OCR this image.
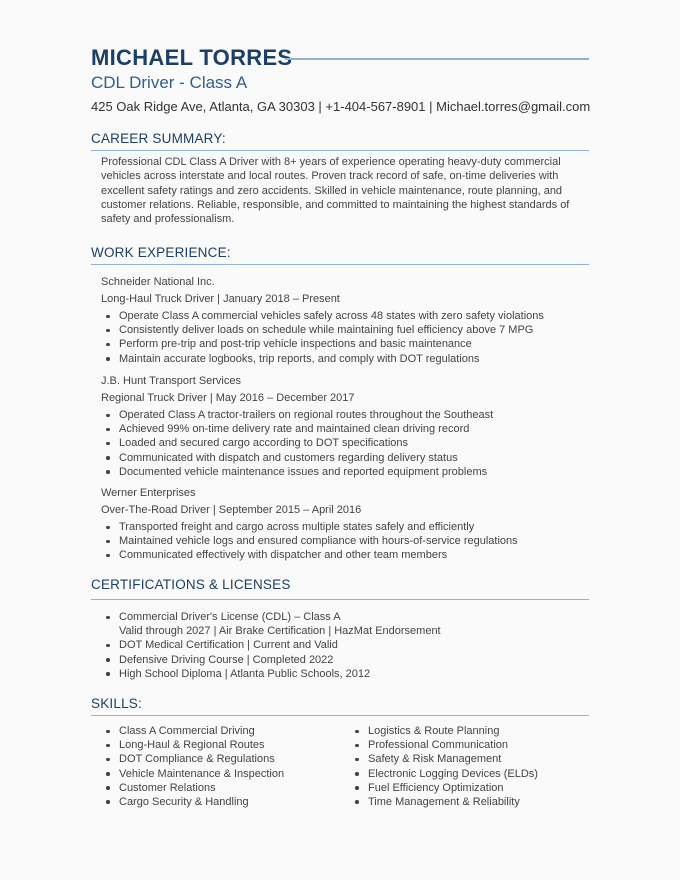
MICHAEL TORRES
CDL Driver - Class A
425 Oak Ridge Ave, Atlanta, GA 30303 | +1-404-567-8901 | Michael.torres@gmail.com
CAREER SUMMARY:

Professional CDL Class A Driver with 8+ years of experience operating heavy-duty commercial vehicles across interstate and local routes. Proven track record of safe, on-time deliveries with excellent safety ratings and zero accidents. Skilled in vehicle maintenance, route planning, and customer relations. Reliable, responsible, and committed to maintaining the highest standards of safety and professionalism.

WORK EXPERIENCE:
Schneider National Inc.
Long-Haul Truck Driver | January 2018 – Present
Operate Class A commercial vehicles safely across 48 states with zero safety violations
Consistently deliver loads on schedule while maintaining fuel efficiency above 7 MPG
Perform pre-trip and post-trip vehicle inspections and basic maintenance
Maintain accurate logbooks, trip reports, and comply with DOT regulations
J.B. Hunt Transport Services
Regional Truck Driver | May 2016 – December 2017
Operated Class A tractor-trailers on regional routes throughout the Southeast
Achieved 99% on-time delivery rate and maintained clean driving record
Loaded and secured cargo according to DOT specifications
Communicated with dispatch and customers regarding delivery status
Documented vehicle maintenance issues and reported equipment problems
Werner Enterprises
Over-The-Road Driver | September 2015 – April 2016
Transported freight and cargo across multiple states safely and efficiently
Maintained vehicle logs and ensured compliance with hours-of-service regulations
Communicated effectively with dispatcher and other team members
CERTIFICATIONS & LICENSES
Commercial Driver's License (CDL) – Class A
Valid through 2027 | Air Brake Certification | HazMat Endorsement
DOT Medical Certification | Current and Valid
Defensive Driving Course | Completed 2022
High School Diploma | Atlanta Public Schools, 2012
SKILLS:
Class A Commercial Driving
Long-Haul & Regional Routes
DOT Compliance & Regulations
Vehicle Maintenance & Inspection
Customer Relations
Cargo Security & Handling
Logistics & Route Planning
Professional Communication
Safety & Risk Management
Electronic Logging Devices (ELDs)
Fuel Efficiency Optimization
Time Management & Reliability
